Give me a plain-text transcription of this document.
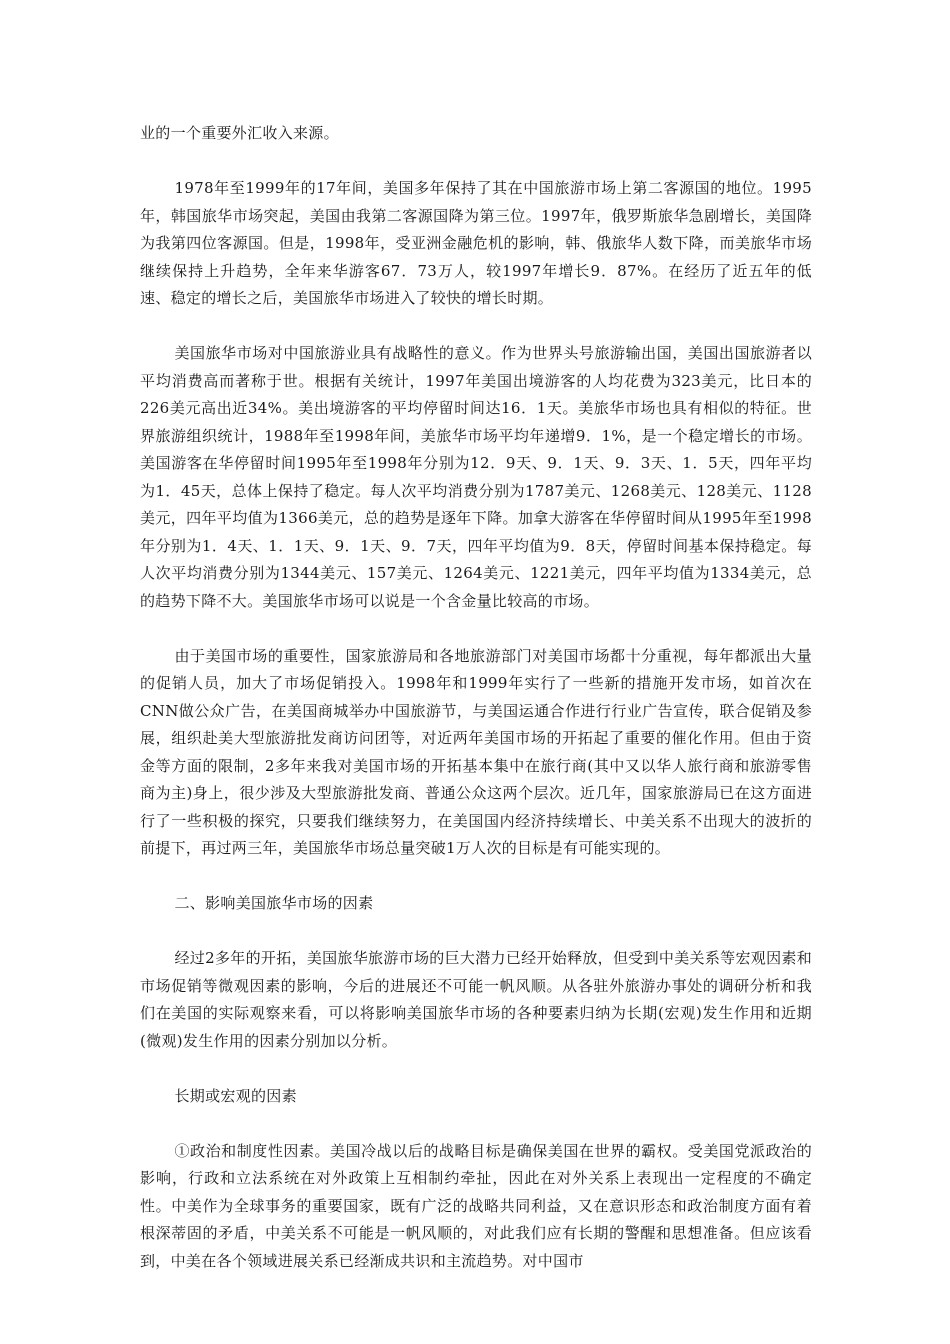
业的一个重要外汇收入来源。

1978年至1999年的17年间，美国多年保持了其在中国旅游市场上第二客源国的地位。1995年，韩国旅华市场突起，美国由我第二客源国降为第三位。1997年，俄罗斯旅华急剧增长，美国降为我第四位客源国。但是，1998年，受亚洲金融危机的影响，韩、俄旅华人数下降，而美旅华市场继续保持上升趋势，全年来华游客67．73万人，较1997年增长9．87%。在经历了近五年的低速、稳定的增长之后，美国旅华市场进入了较快的增长时期。

美国旅华市场对中国旅游业具有战略性的意义。作为世界头号旅游输出国，美国出国旅游者以平均消费高而著称于世。根据有关统计，1997年美国出境游客的人均花费为323美元，比日本的226美元高出近34%。美出境游客的平均停留时间达16．1天。美旅华市场也具有相似的特征。世界旅游组织统计，1988年至1998年间，美旅华市场平均年递增9．1%，是一个稳定增长的市场。美国游客在华停留时间1995年至1998年分别为12．9天、9．1天、9．3天、1．5天，四年平均为1．45天，总体上保持了稳定。每人次平均消费分别为1787美元、1268美元、128美元、1128美元，四年平均值为1366美元，总的趋势是逐年下降。加拿大游客在华停留时间从1995年至1998年分别为1．4天、1．1天、9．1天、9．7天，四年平均值为9．8天，停留时间基本保持稳定。每人次平均消费分别为1344美元、157美元、1264美元、1221美元，四年平均值为1334美元，总的趋势下降不大。美国旅华市场可以说是一个含金量比较高的市场。

由于美国市场的重要性，国家旅游局和各地旅游部门对美国市场都十分重视，每年都派出大量的促销人员，加大了市场促销投入。1998年和1999年实行了一些新的措施开发市场，如首次在CNN做公众广告，在美国商城举办中国旅游节，与美国运通合作进行行业广告宣传，联合促销及参展，组织赴美大型旅游批发商访问团等，对近两年美国市场的开拓起了重要的催化作用。但由于资金等方面的限制，2多年来我对美国市场的开拓基本集中在旅行商(其中又以华人旅行商和旅游零售商为主)身上，很少涉及大型旅游批发商、普通公众这两个层次。近几年，国家旅游局已在这方面进行了一些积极的探究，只要我们继续努力，在美国国内经济持续增长、中美关系不出现大的波折的前提下，再过两三年，美国旅华市场总量突破1万人次的目标是有可能实现的。

二、影响美国旅华市场的因素

经过2多年的开拓，美国旅华旅游市场的巨大潜力已经开始释放，但受到中美关系等宏观因素和市场促销等微观因素的影响，今后的进展还不可能一帆风顺。从各驻外旅游办事处的调研分析和我们在美国的实际观察来看，可以将影响美国旅华市场的各种要素归纳为长期(宏观)发生作用和近期(微观)发生作用的因素分别加以分析。

长期或宏观的因素

①政治和制度性因素。美国冷战以后的战略目标是确保美国在世界的霸权。受美国党派政治的影响，行政和立法系统在对外政策上互相制约牵扯，因此在对外关系上表现出一定程度的不确定性。中美作为全球事务的重要国家，既有广泛的战略共同利益，又在意识形态和政治制度方面有着根深蒂固的矛盾，中美关系不可能是一帆风顺的，对此我们应有长期的警醒和思想准备。但应该看到，中美在各个领域进展关系已经渐成共识和主流趋势。对中国市
